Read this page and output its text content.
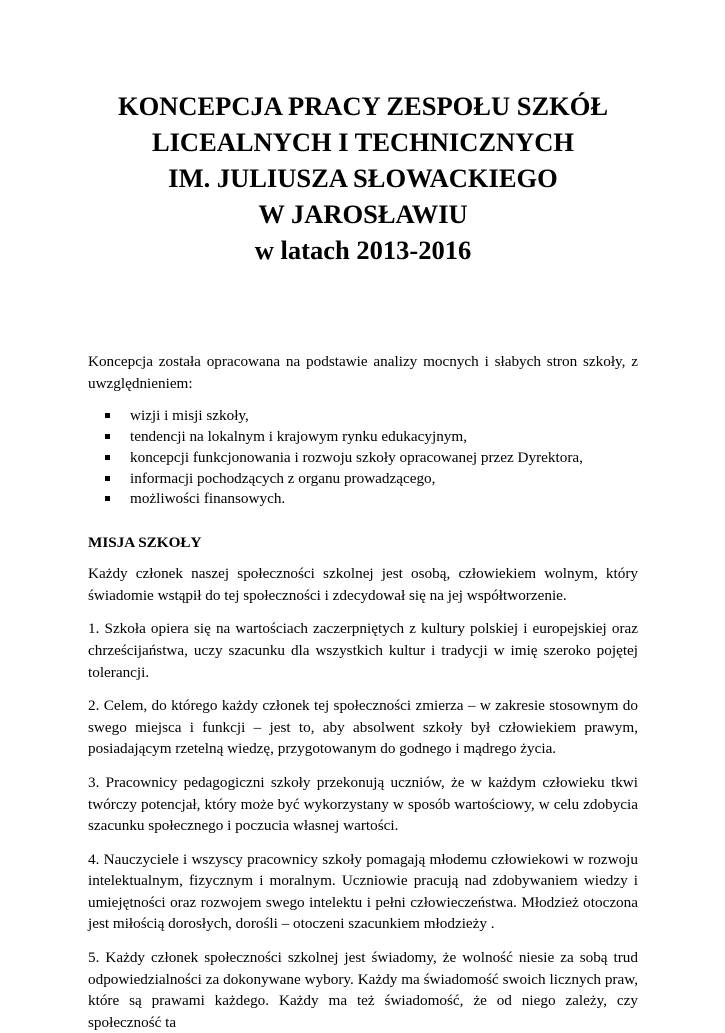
KONCEPCJA PRACY ZESPOŁU SZKÓŁ
LICEALNYCH I TECHNICZNYCH
IM. JULIUSZA SŁOWACKIEGO
W JAROSŁAWIU
w latach 2013-2016

Koncepcja została opracowana na podstawie analizy mocnych i słabych stron szkoły, z uwzględnieniem:

wizji i misji szkoły,
tendencji na lokalnym i krajowym rynku edukacyjnym,
koncepcji funkcjonowania i rozwoju szkoły opracowanej przez Dyrektora,
informacji pochodzących z organu prowadzącego,
możliwości finansowych.
MISJA SZKOŁY

Każdy członek naszej społeczności szkolnej jest osobą, człowiekiem wolnym, który świadomie wstąpił do tej społeczności i zdecydował się na jej współtworzenie.

1. Szkoła opiera się na wartościach zaczerpniętych z kultury polskiej i europejskiej oraz chrześcijaństwa, uczy szacunku dla wszystkich kultur i tradycji w imię szeroko pojętej tolerancji.

2. Celem, do którego każdy członek tej społeczności zmierza – w zakresie stosownym do swego miejsca i funkcji – jest to, aby absolwent szkoły był człowiekiem prawym, posiadającym rzetelną wiedzę, przygotowanym do godnego i mądrego życia.

3. Pracownicy pedagogiczni szkoły przekonują uczniów, że w każdym człowieku tkwi twórczy potencjał, który może być wykorzystany w sposób wartościowy, w celu zdobycia szacunku społecznego i poczucia własnej wartości.

4. Nauczyciele i wszyscy pracownicy szkoły pomagają młodemu człowiekowi w rozwoju intelektualnym, fizycznym i moralnym. Uczniowie pracują nad zdobywaniem wiedzy i umiejętności oraz rozwojem swego intelektu i pełni człowieczeństwa. Młodzież otoczona jest miłością dorosłych, dorośli – otoczeni szacunkiem młodzieży .

5. Każdy członek społeczności szkolnej jest świadomy, że wolność niesie za sobą trud odpowiedzialności za dokonywane wybory. Każdy ma świadomość swoich licznych praw, które są prawami każdego. Każdy ma też świadomość, że od niego zależy, czy społeczność ta
